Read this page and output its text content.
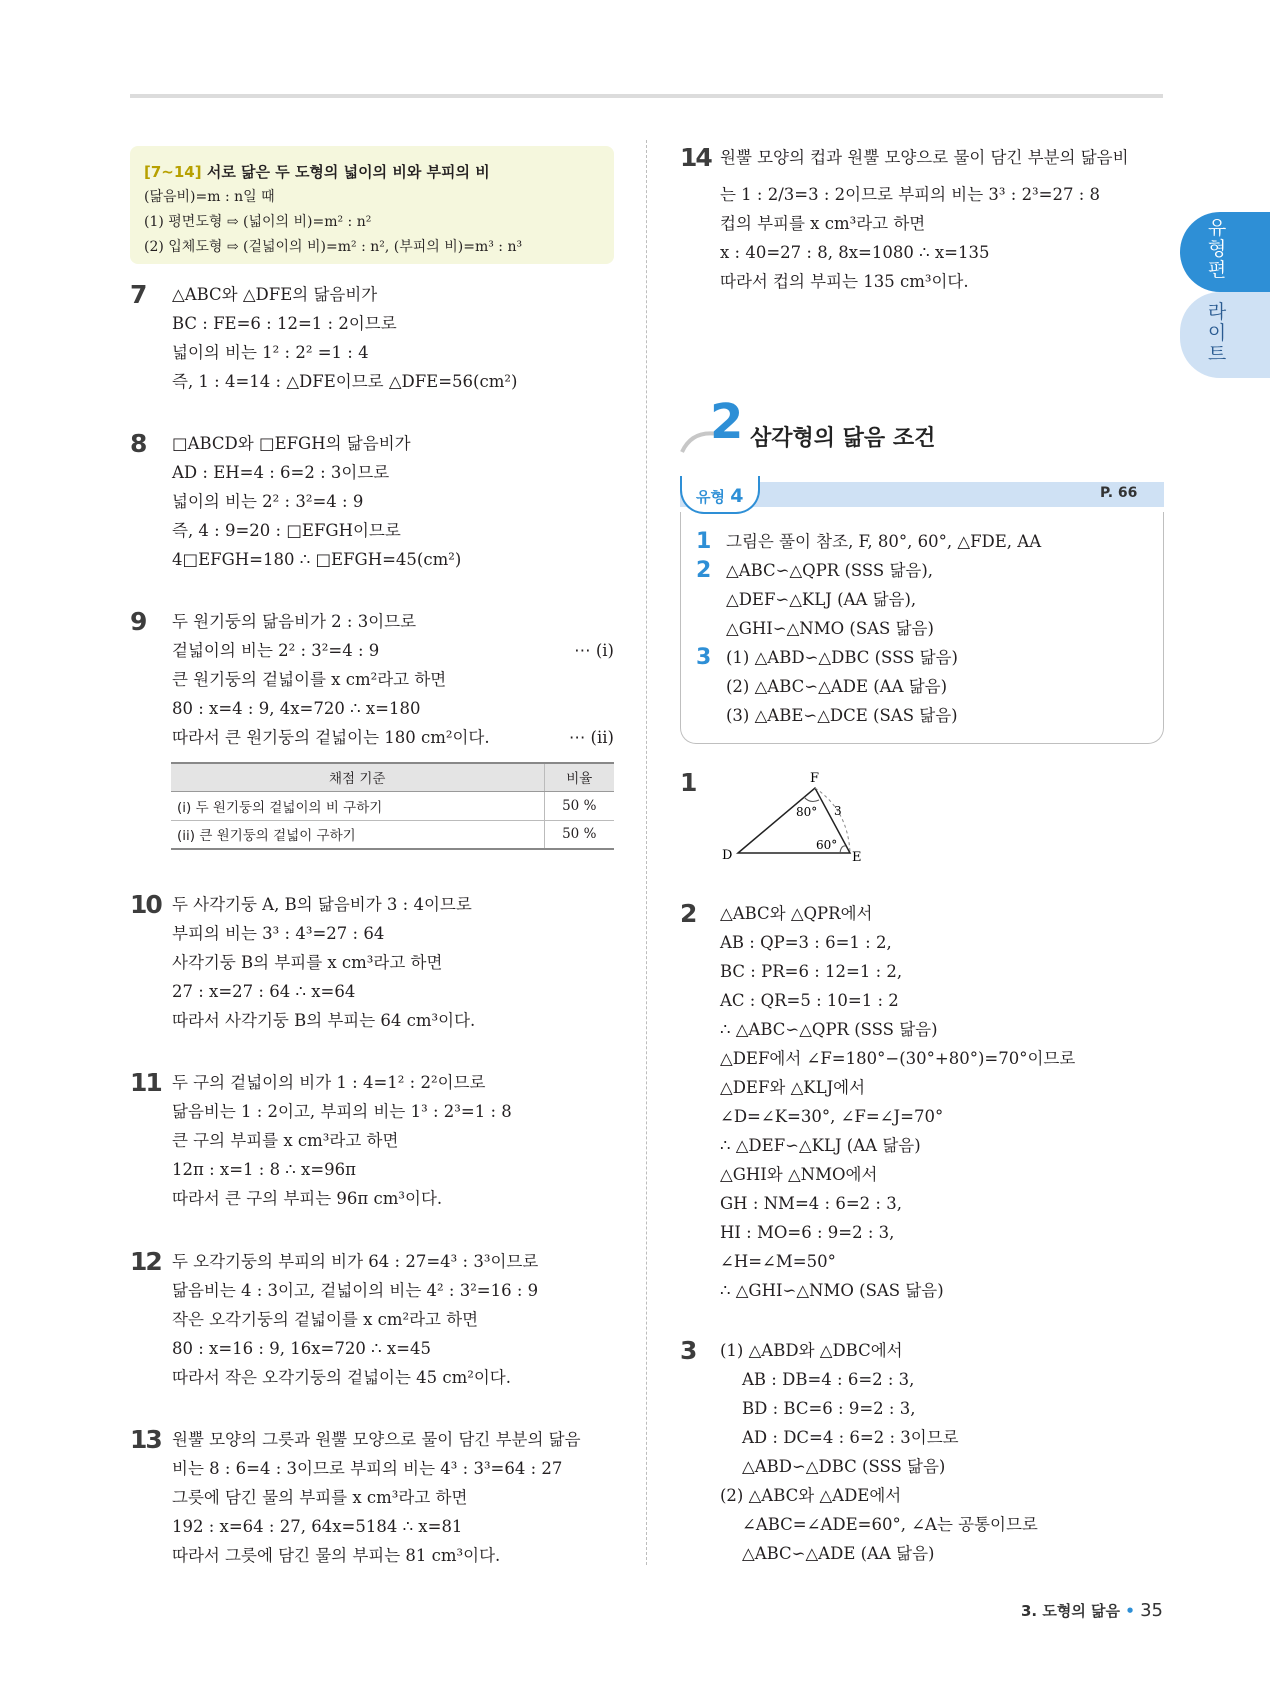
[7~14] 서로 닮은 두 도형의 넓이의 비와 부피의 비
(닮음비)=m : n일 때
(1) 평면도형 ⇨ (넓이의 비)=m² : n²
(2) 입체도형 ⇨ (겉넓이의 비)=m² : n², (부피의 비)=m³ : n³
7 △ABC와 △DFE의 닮음비가
BC : FE=6 : 12=1 : 2이므로
넓이의 비는 1² : 2² =1 : 4
즉, 1 : 4=14 : △DFE이므로 △DFE=56(cm²)
8 □ABCD와 □EFGH의 닮음비가
AD : EH=4 : 6=2 : 3이므로
넓이의 비는 2² : 3²=4 : 9
즉, 4 : 9=20 : □EFGH이므로
4□EFGH=180 ∴ □EFGH=45(cm²)
9 두 원기둥의 닮음비가 2 : 3이므로
겉넓이의 비는 2² : 3²=4 : 9	⋯ (i)
큰 원기둥의 겉넓이를 x cm²라고 하면
80 : x=4 : 9, 4x=720 ∴ x=180
따라서 큰 원기둥의 겉넓이는 180 cm²이다.	⋯ (ii)
채점 기준	비율
(i) 두 원기둥의 겉넓이의 비 구하기	50 %
(ii) 큰 원기둥의 겉넓이 구하기	50 %
10 두 사각기둥 A, B의 닮음비가 3 : 4이므로
부피의 비는 3³ : 4³=27 : 64
사각기둥 B의 부피를 x cm³라고 하면
27 : x=27 : 64 ∴ x=64
따라서 사각기둥 B의 부피는 64 cm³이다.
11 두 구의 겉넓이의 비가 1 : 4=1² : 2²이므로
닮음비는 1 : 2이고, 부피의 비는 1³ : 2³=1 : 8
큰 구의 부피를 x cm³라고 하면
12π : x=1 : 8 ∴ x=96π
따라서 큰 구의 부피는 96π cm³이다.
12 두 오각기둥의 부피의 비가 64 : 27=4³ : 3³이므로
닮음비는 4 : 3이고, 겉넓이의 비는 4² : 3²=16 : 9
작은 오각기둥의 겉넓이를 x cm²라고 하면
80 : x=16 : 9, 16x=720 ∴ x=45
따라서 작은 오각기둥의 겉넓이는 45 cm²이다.
13 원뿔 모양의 그릇과 원뿔 모양으로 물이 담긴 부분의 닮음
비는 8 : 6=4 : 3이므로 부피의 비는 4³ : 3³=64 : 27
그릇에 담긴 물의 부피를 x cm³라고 하면
192 : x=64 : 27, 64x=5184 ∴ x=81
따라서 그릇에 담긴 물의 부피는 81 cm³이다.
14 원뿔 모양의 컵과 원뿔 모양으로 물이 담긴 부분의 닮음비
는 1 : 2/3=3 : 2이므로 부피의 비는 3³ : 2³=27 : 8
컵의 부피를 x cm³라고 하면
x : 40=27 : 8, 8x=1080 ∴ x=135
따라서 컵의 부피는 135 cm³이다.
유형편
라이트
2 삼각형의 닮음 조건
유형 4	P. 66
1 그림은 풀이 참조, F, 80°, 60°, △FDE, AA
2 △ABC∽△QPR (SSS 닮음),
△DEF∽△KLJ (AA 닮음),
△GHI∽△NMO (SAS 닮음)
3 (1) △ABD∽△DBC (SSS 닮음)
(2) △ABC∽△ADE (AA 닮음)
(3) △ABE∽△DCE (SAS 닮음)
1	F
D	E
80°
60°
3
2 △ABC와 △QPR에서
AB : QP=3 : 6=1 : 2,
BC : PR=6 : 12=1 : 2,
AC : QR=5 : 10=1 : 2
∴ △ABC∽△QPR (SSS 닮음)
△DEF에서 ∠F=180°−(30°+80°)=70°이므로
△DEF와 △KLJ에서
∠D=∠K=30°, ∠F=∠J=70°
∴ △DEF∽△KLJ (AA 닮음)
△GHI와 △NMO에서
GH : NM=4 : 6=2 : 3,
HI : MO=6 : 9=2 : 3,
∠H=∠M=50°
∴ △GHI∽△NMO (SAS 닮음)
3 (1) △ABD와 △DBC에서
AB : DB=4 : 6=2 : 3,
BD : BC=6 : 9=2 : 3,
AD : DC=4 : 6=2 : 3이므로
△ABD∽△DBC (SSS 닮음)
(2) △ABC와 △ADE에서
∠ABC=∠ADE=60°, ∠A는 공통이므로
△ABC∽△ADE (AA 닮음)
3. 도형의 닮음 • 35
